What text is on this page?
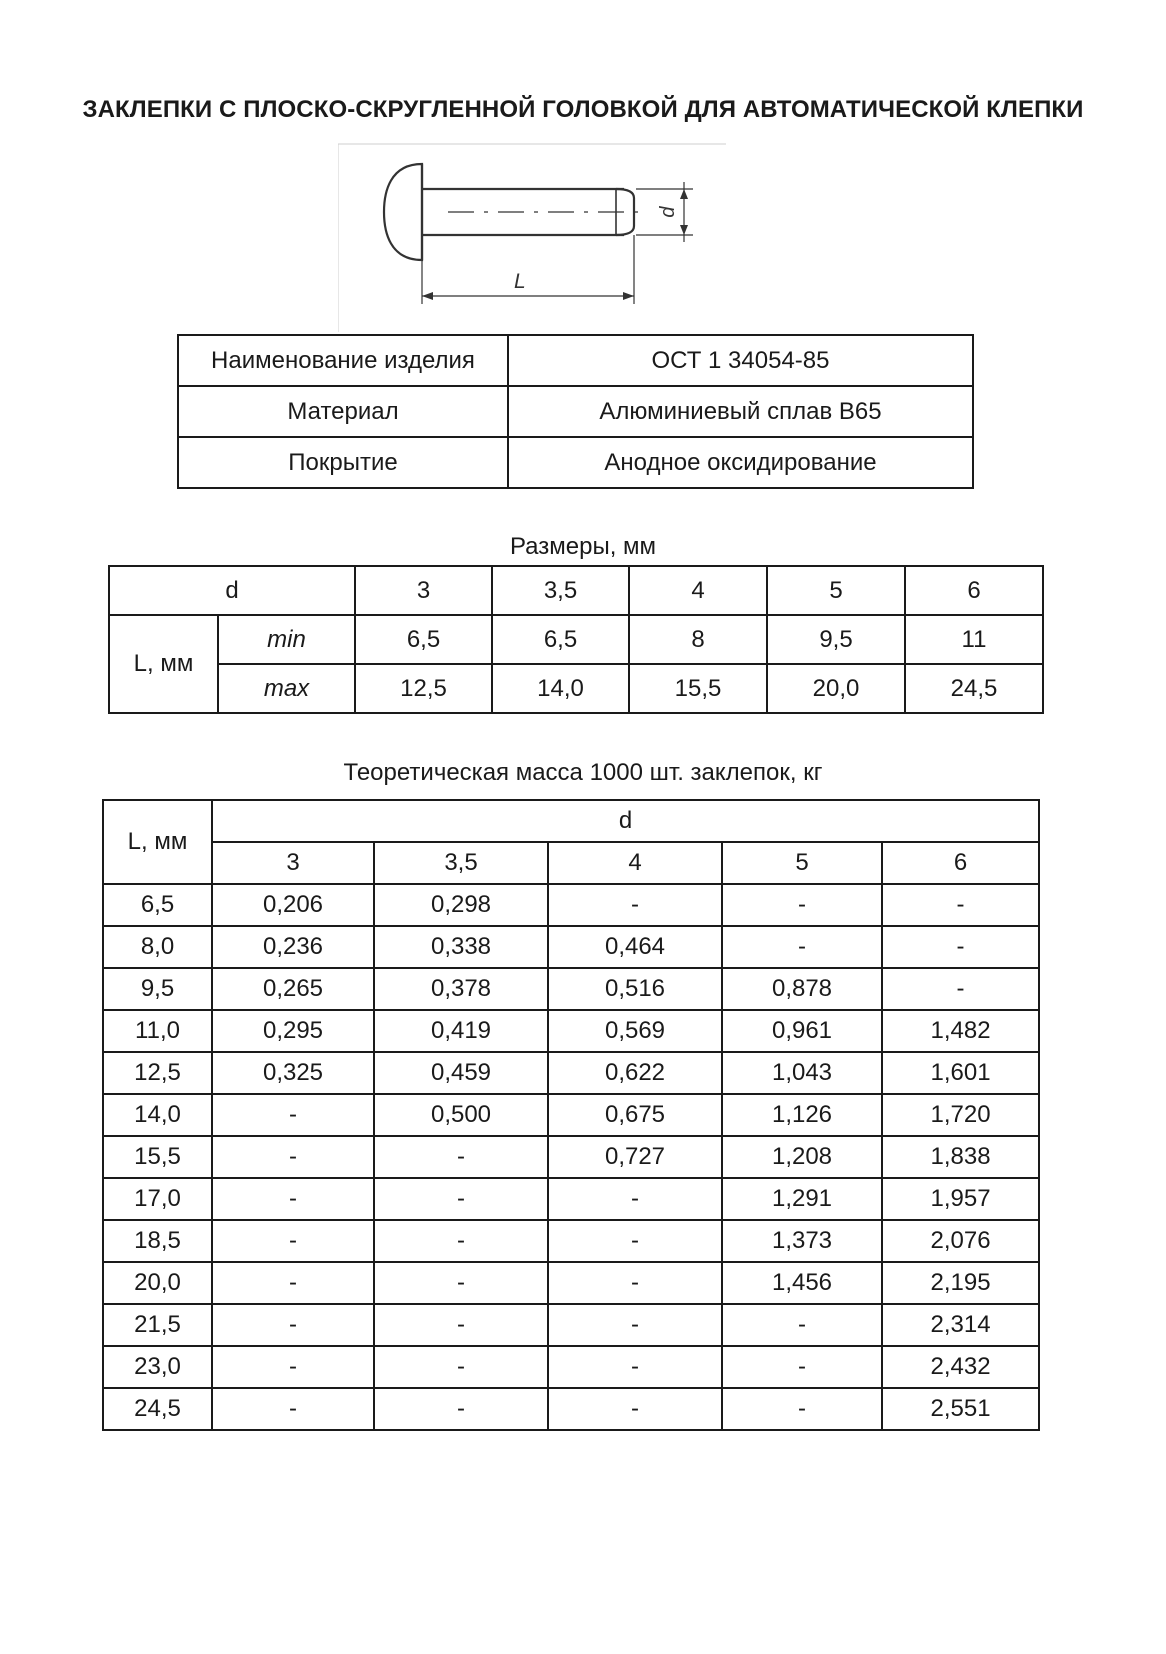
ЗАКЛЕПКИ С ПЛОСКО-СКРУГЛЕННОЙ ГОЛОВКОЙ ДЛЯ АВТОМАТИЧЕСКОЙ КЛЕПКИ
d
L
Наименование изделия	ОСТ 1 34054-85
Материал	Алюминиевый сплав В65
Покрытие	Анодное оксидирование
Размеры, мм
d		3	3,5	4	5	6
L, мм	min	6,5	6,5	8	9,5	11
	max	12,5	14,0	15,5	20,0	24,5
Теоретическая масса 1000 шт. заклепок, кг
L, мм	d				
	3	3,5	4	5	6
6,5	0,206	0,298	-	-	-
8,0	0,236	0,338	0,464	-	-
9,5	0,265	0,378	0,516	0,878	-
11,0	0,295	0,419	0,569	0,961	1,482
12,5	0,325	0,459	0,622	1,043	1,601
14,0	-	0,500	0,675	1,126	1,720
15,5	-	-	0,727	1,208	1,838
17,0	-	-	-	1,291	1,957
18,5	-	-	-	1,373	2,076
20,0	-	-	-	1,456	2,195
21,5	-	-	-	-	2,314
23,0	-	-	-	-	2,432
24,5	-	-	-	-	2,551
